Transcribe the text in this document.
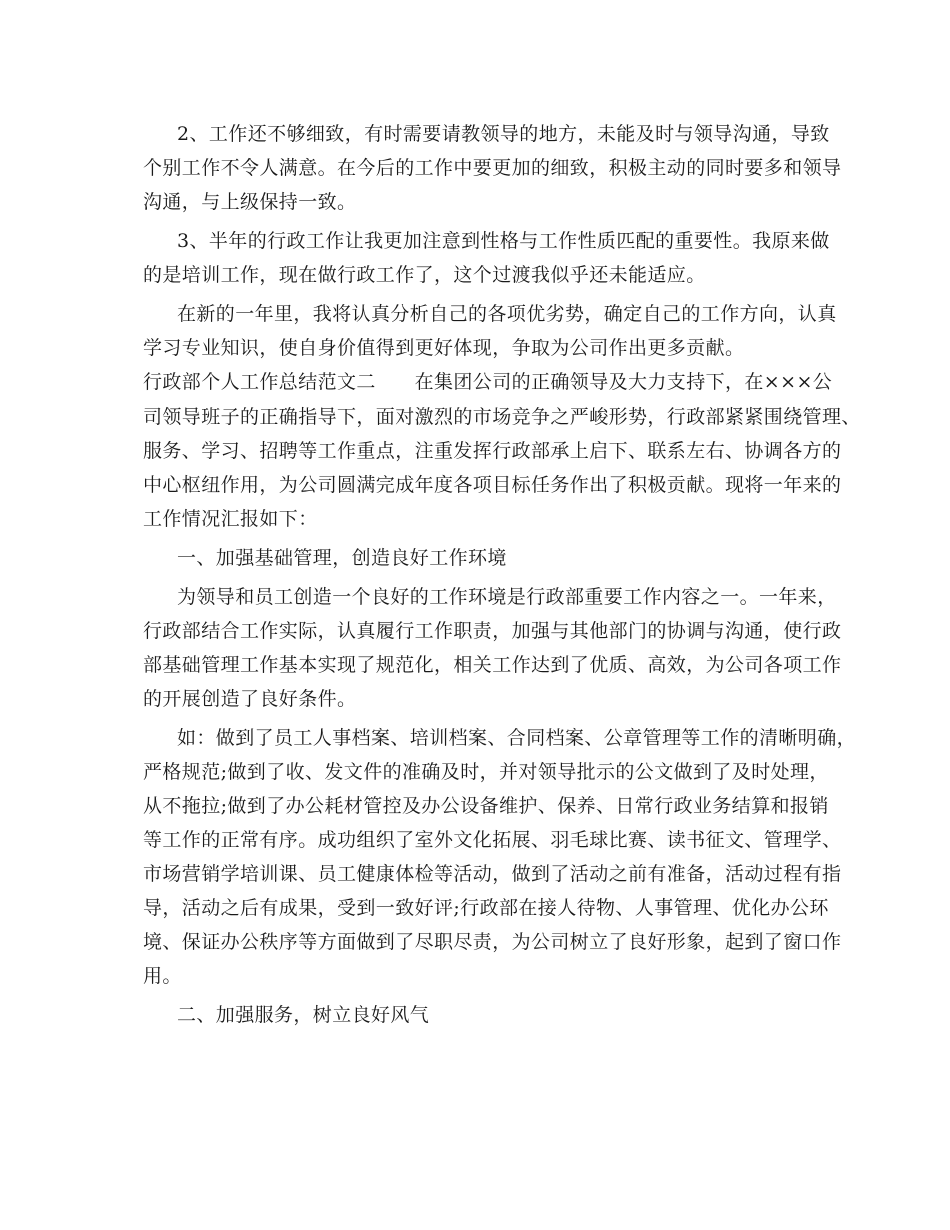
2、工作还不够细致，有时需要请教领导的地方，未能及时与领导沟通，导致
个别工作不令人满意。在今后的工作中要更加的细致，积极主动的同时要多和领导
沟通，与上级保持一致。
3、半年的行政工作让我更加注意到性格与工作性质匹配的重要性。我原来做
的是培训工作，现在做行政工作了，这个过渡我似乎还未能适应。
在新的一年里，我将认真分析自己的各项优劣势，确定自己的工作方向，认真
学习专业知识，使自身价值得到更好体现，争取为公司作出更多贡献。
行政部个人工作总结范文二　　在集团公司的正确领导及大力支持下，在×××公
司领导班子的正确指导下，面对激烈的市场竞争之严峻形势，行政部紧紧围绕管理、
服务、学习、招聘等工作重点，注重发挥行政部承上启下、联系左右、协调各方的
中心枢纽作用，为公司圆满完成年度各项目标任务作出了积极贡献。现将一年来的
工作情况汇报如下：
一、加强基础管理，创造良好工作环境
为领导和员工创造一个良好的工作环境是行政部重要工作内容之一。一年来，
行政部结合工作实际，认真履行工作职责，加强与其他部门的协调与沟通，使行政
部基础管理工作基本实现了规范化，相关工作达到了优质、高效，为公司各项工作
的开展创造了良好条件。
如：做到了员工人事档案、培训档案、合同档案、公章管理等工作的清晰明确，
严格规范;做到了收、发文件的准确及时，并对领导批示的公文做到了及时处理，
从不拖拉;做到了办公耗材管控及办公设备维护、保养、日常行政业务结算和报销
等工作的正常有序。成功组织了室外文化拓展、羽毛球比赛、读书征文、管理学、
市场营销学培训课、员工健康体检等活动，做到了活动之前有准备，活动过程有指
导，活动之后有成果，受到一致好评;行政部在接人待物、人事管理、优化办公环
境、保证办公秩序等方面做到了尽职尽责，为公司树立了良好形象，起到了窗口作
用。
二、加强服务，树立良好风气
